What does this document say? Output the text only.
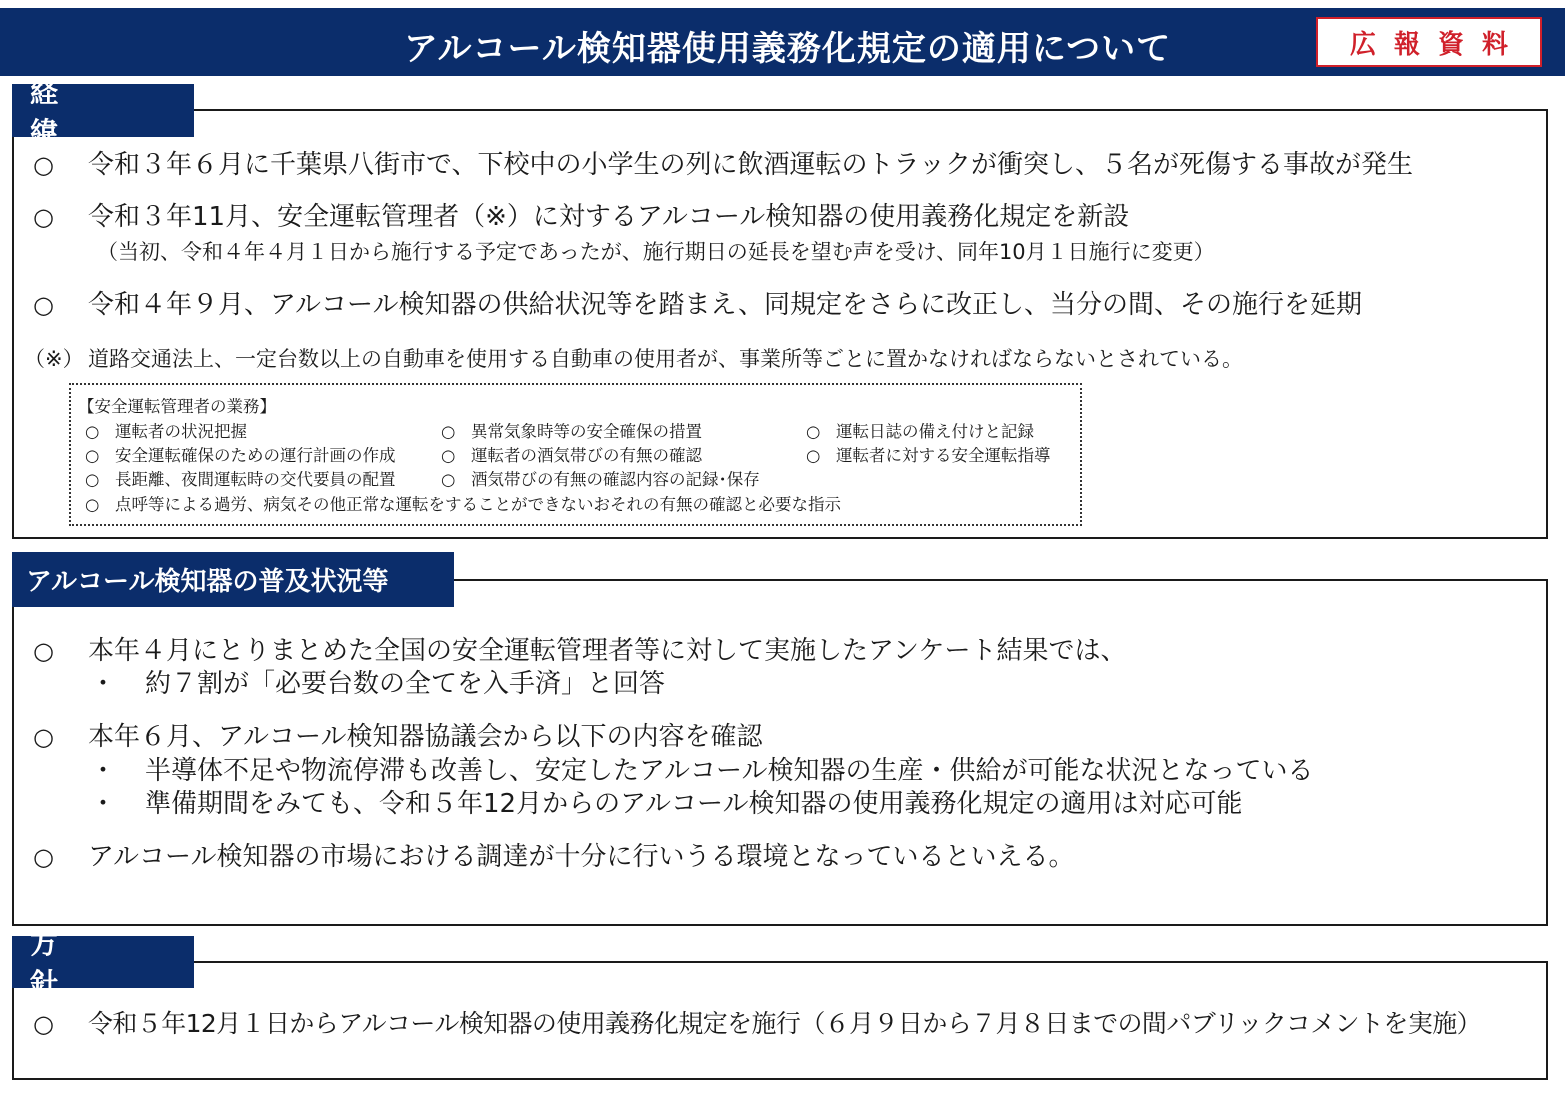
アルコール検知器使用義務化規定の適用について	広報資料
経緯
○ 令和３年６月に千葉県八街市で、下校中の小学生の列に飲酒運転のトラックが衝突し、５名が死傷する事故が発生
○ 令和３年11月、安全運転管理者（※）に対するアルコール検知器の使用義務化規定を新設
（当初、令和４年４月１日から施行する予定であったが、施行期日の延長を望む声を受け、同年10月１日施行に変更）
○ 令和４年９月、アルコール検知器の供給状況等を踏まえ、同規定をさらに改正し、当分の間、その施行を延期
（※） 道路交通法上、一定台数以上の自動車を使用する自動車の使用者が、事業所等ごとに置かなければならないとされている。
【安全運転管理者の業務】
○ 運転者の状況把握
○ 安全運転確保のための運行計画の作成
○ 長距離、夜間運転時の交代要員の配置
○ 異常気象時等の安全確保の措置
○ 運転者の酒気帯びの有無の確認
○ 酒気帯びの有無の確認内容の記録･保存
○ 運転日誌の備え付けと記録
○ 運転者に対する安全運転指導
○ 点呼等による過労、病気その他正常な運転をすることができないおそれの有無の確認と必要な指示
アルコール検知器の普及状況等
○ 本年４月にとりまとめた全国の安全運転管理者等に対して実施したアンケート結果では、
・ 約７割が「必要台数の全てを入手済」と回答
○ 本年６月、アルコール検知器協議会から以下の内容を確認
・ 半導体不足や物流停滞も改善し、安定したアルコール検知器の生産・供給が可能な状況となっている
・ 準備期間をみても、令和５年12月からのアルコール検知器の使用義務化規定の適用は対応可能
○ アルコール検知器の市場における調達が十分に行いうる環境となっているといえる。
方針
○ 令和５年12月１日からアルコール検知器の使用義務化規定を施行（６月９日から７月８日までの間パブリックコメントを実施）
